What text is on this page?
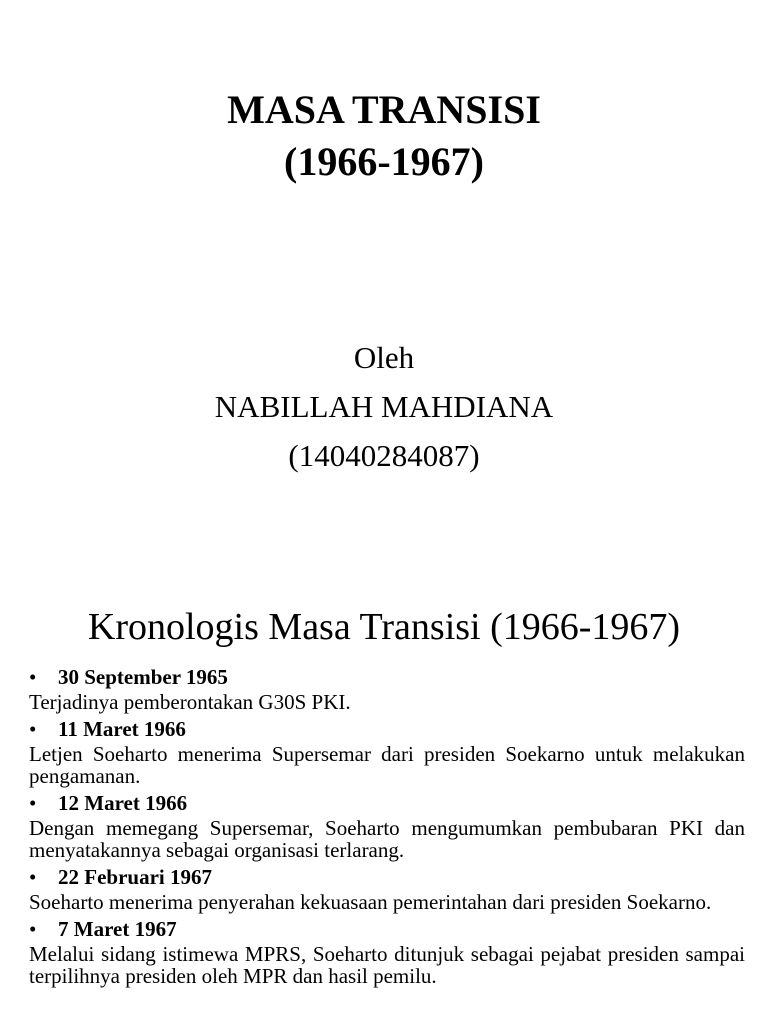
MASA TRANSISI
(1966-1967)
Oleh
NABILLAH MAHDIANA
(14040284087)
Kronologis Masa Transisi (1966-1967)
•	30 September 1965
Terjadinya pemberontakan G30S PKI.
•	11 Maret 1966
Letjen Soeharto menerima Supersemar dari presiden Soekarno untuk melakukan pengamanan.
•	12 Maret 1966
Dengan memegang Supersemar, Soeharto mengumumkan pembubaran PKI dan menyatakannya sebagai organisasi terlarang.
•	22 Februari 1967
Soeharto menerima penyerahan kekuasaan pemerintahan dari presiden Soekarno.
•	7 Maret 1967
Melalui sidang istimewa MPRS, Soeharto ditunjuk sebagai pejabat presiden sampai terpilihnya presiden oleh MPR dan hasil pemilu.
